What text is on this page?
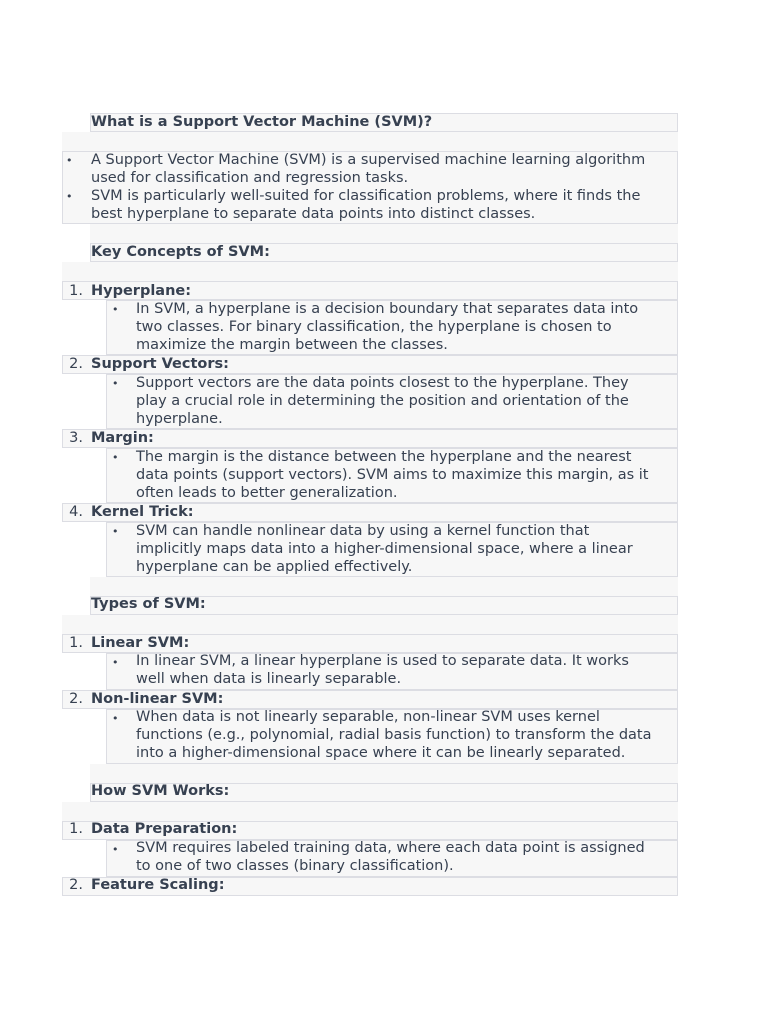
What is a Support Vector Machine (SVM)?
• A Support Vector Machine (SVM) is a supervised machine learning algorithm
used for classification and regression tasks.
• SVM is particularly well-suited for classification problems, where it finds the
best hyperplane to separate data points into distinct classes.
Key Concepts of SVM:
1. Hyperplane:
• In SVM, a hyperplane is a decision boundary that separates data into
two classes. For binary classification, the hyperplane is chosen to
maximize the margin between the classes.
2. Support Vectors:
• Support vectors are the data points closest to the hyperplane. They
play a crucial role in determining the position and orientation of the
hyperplane.
3. Margin:
• The margin is the distance between the hyperplane and the nearest
data points (support vectors). SVM aims to maximize this margin, as it
often leads to better generalization.
4. Kernel Trick:
• SVM can handle nonlinear data by using a kernel function that
implicitly maps data into a higher-dimensional space, where a linear
hyperplane can be applied effectively.
Types of SVM:
1. Linear SVM:
• In linear SVM, a linear hyperplane is used to separate data. It works
well when data is linearly separable.
2. Non-linear SVM:
• When data is not linearly separable, non-linear SVM uses kernel
functions (e.g., polynomial, radial basis function) to transform the data
into a higher-dimensional space where it can be linearly separated.
How SVM Works:
1. Data Preparation:
• SVM requires labeled training data, where each data point is assigned
to one of two classes (binary classification).
2. Feature Scaling:
